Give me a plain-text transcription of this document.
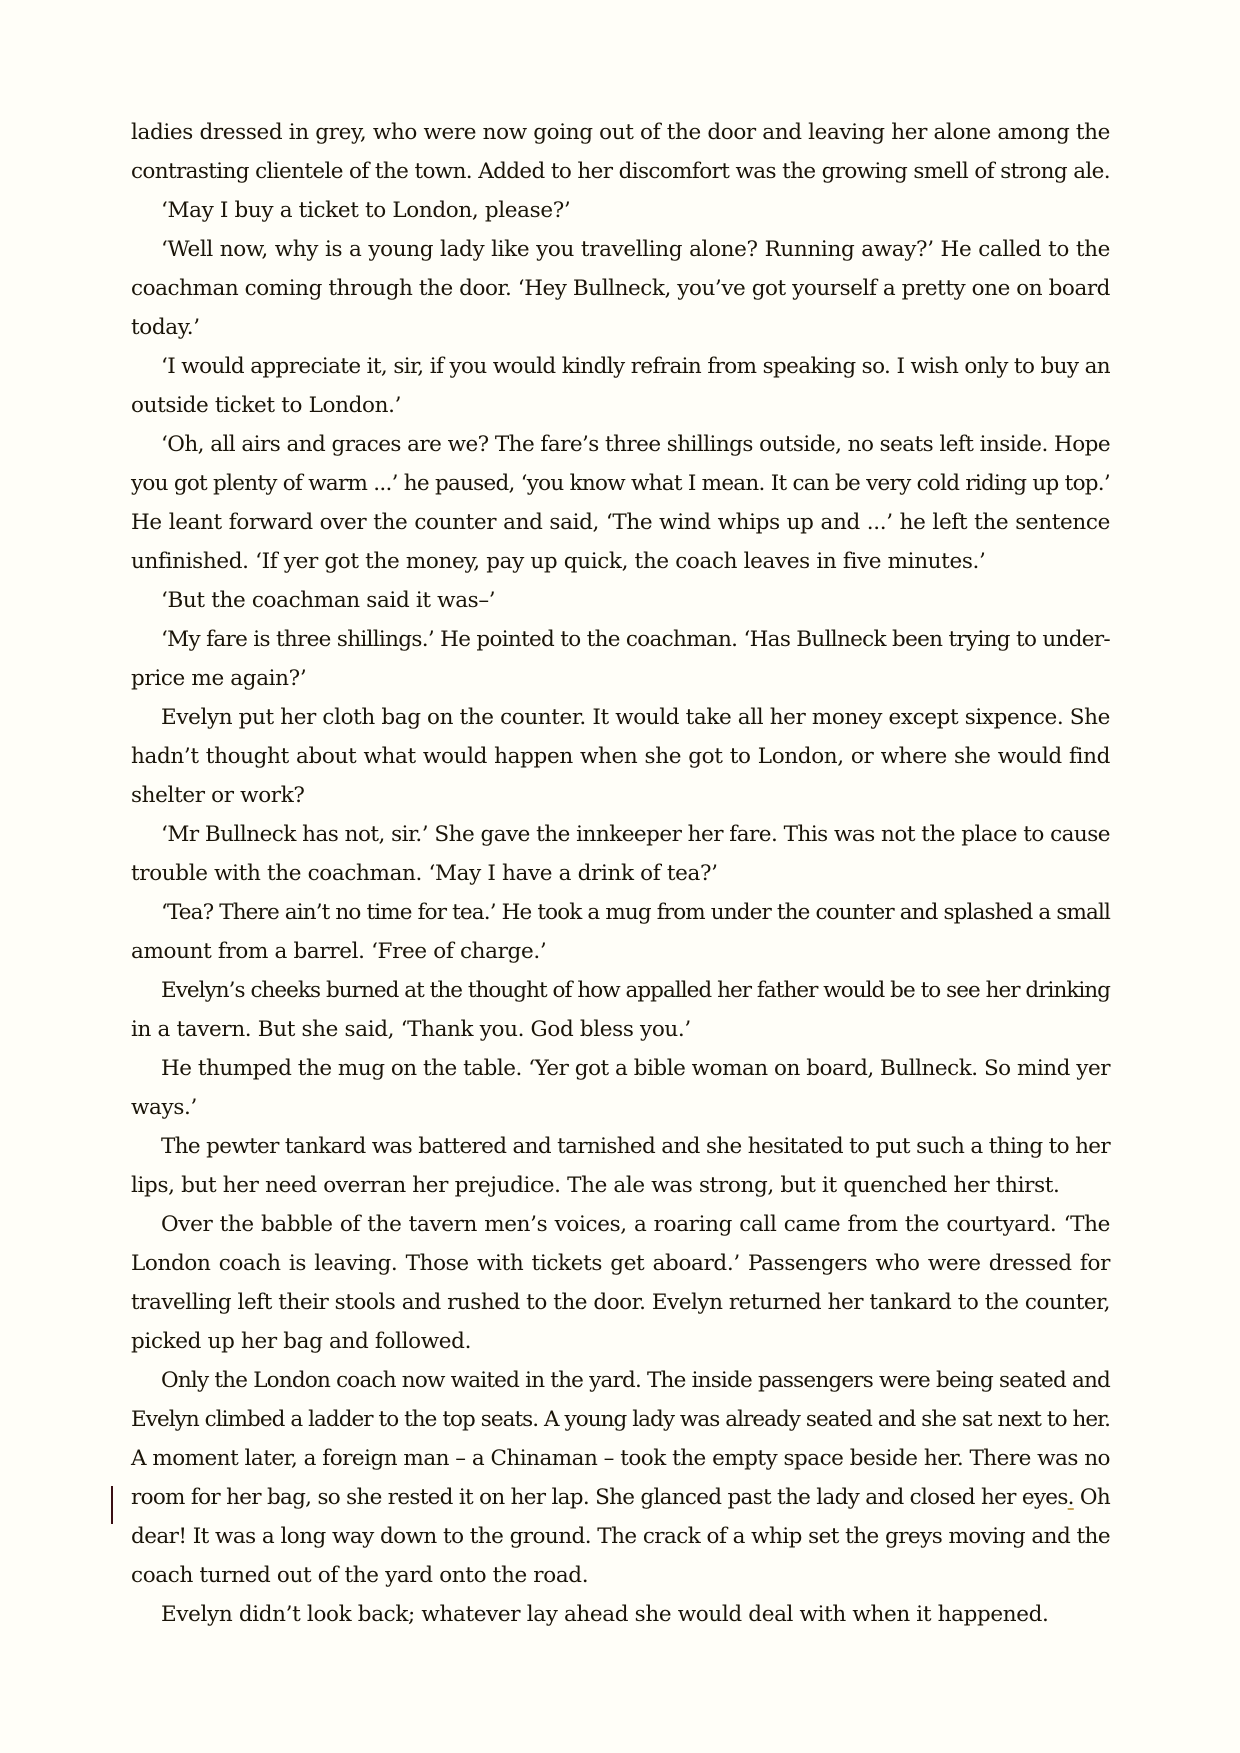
ladies dressed in grey, who were now going out of the door and leaving her alone among the
contrasting clientele of the town. Added to her discomfort was the growing smell of strong ale.
‘May I buy a ticket to London, please?’
‘Well now, why is a young lady like you travelling alone? Running away?’ He called to the
coachman coming through the door. ‘Hey Bullneck, you’ve got yourself a pretty one on board
today.’
‘I would appreciate it, sir, if you would kindly refrain from speaking so. I wish only to buy an
outside ticket to London.’
‘Oh, all airs and graces are we? The fare’s three shillings outside, no seats left inside. Hope
you got plenty of warm ...’ he paused, ‘you know what I mean. It can be very cold riding up top.’
He leant forward over the counter and said, ‘The wind whips up and ...’ he left the sentence
unfinished. ‘If yer got the money, pay up quick, the coach leaves in five minutes.’
‘But the coachman said it was–’
‘My fare is three shillings.’ He pointed to the coachman. ‘Has Bullneck been trying to under-
price me again?’
Evelyn put her cloth bag on the counter. It would take all her money except sixpence. She
hadn’t thought about what would happen when she got to London, or where she would find
shelter or work?
‘Mr Bullneck has not, sir.’ She gave the innkeeper her fare. This was not the place to cause
trouble with the coachman. ‘May I have a drink of tea?’
‘Tea? There ain’t no time for tea.’ He took a mug from under the counter and splashed a small
amount from a barrel. ‘Free of charge.’
Evelyn’s cheeks burned at the thought of how appalled her father would be to see her drinking
in a tavern. But she said, ‘Thank you. God bless you.’
He thumped the mug on the table. ‘Yer got a bible woman on board, Bullneck. So mind yer
ways.’
The pewter tankard was battered and tarnished and she hesitated to put such a thing to her
lips, but her need overran her prejudice. The ale was strong, but it quenched her thirst.
Over the babble of the tavern men’s voices, a roaring call came from the courtyard. ‘The
London coach is leaving. Those with tickets get aboard.’ Passengers who were dressed for
travelling left their stools and rushed to the door. Evelyn returned her tankard to the counter,
picked up her bag and followed.
Only the London coach now waited in the yard. The inside passengers were being seated and
Evelyn climbed a ladder to the top seats. A young lady was already seated and she sat next to her.
A moment later, a foreign man – a Chinaman – took the empty space beside her. There was no
room for her bag, so she rested it on her lap. She glanced past the lady and closed her eyes. Oh
dear! It was a long way down to the ground. The crack of a whip set the greys moving and the
coach turned out of the yard onto the road.
Evelyn didn’t look back; whatever lay ahead she would deal with when it happened.
